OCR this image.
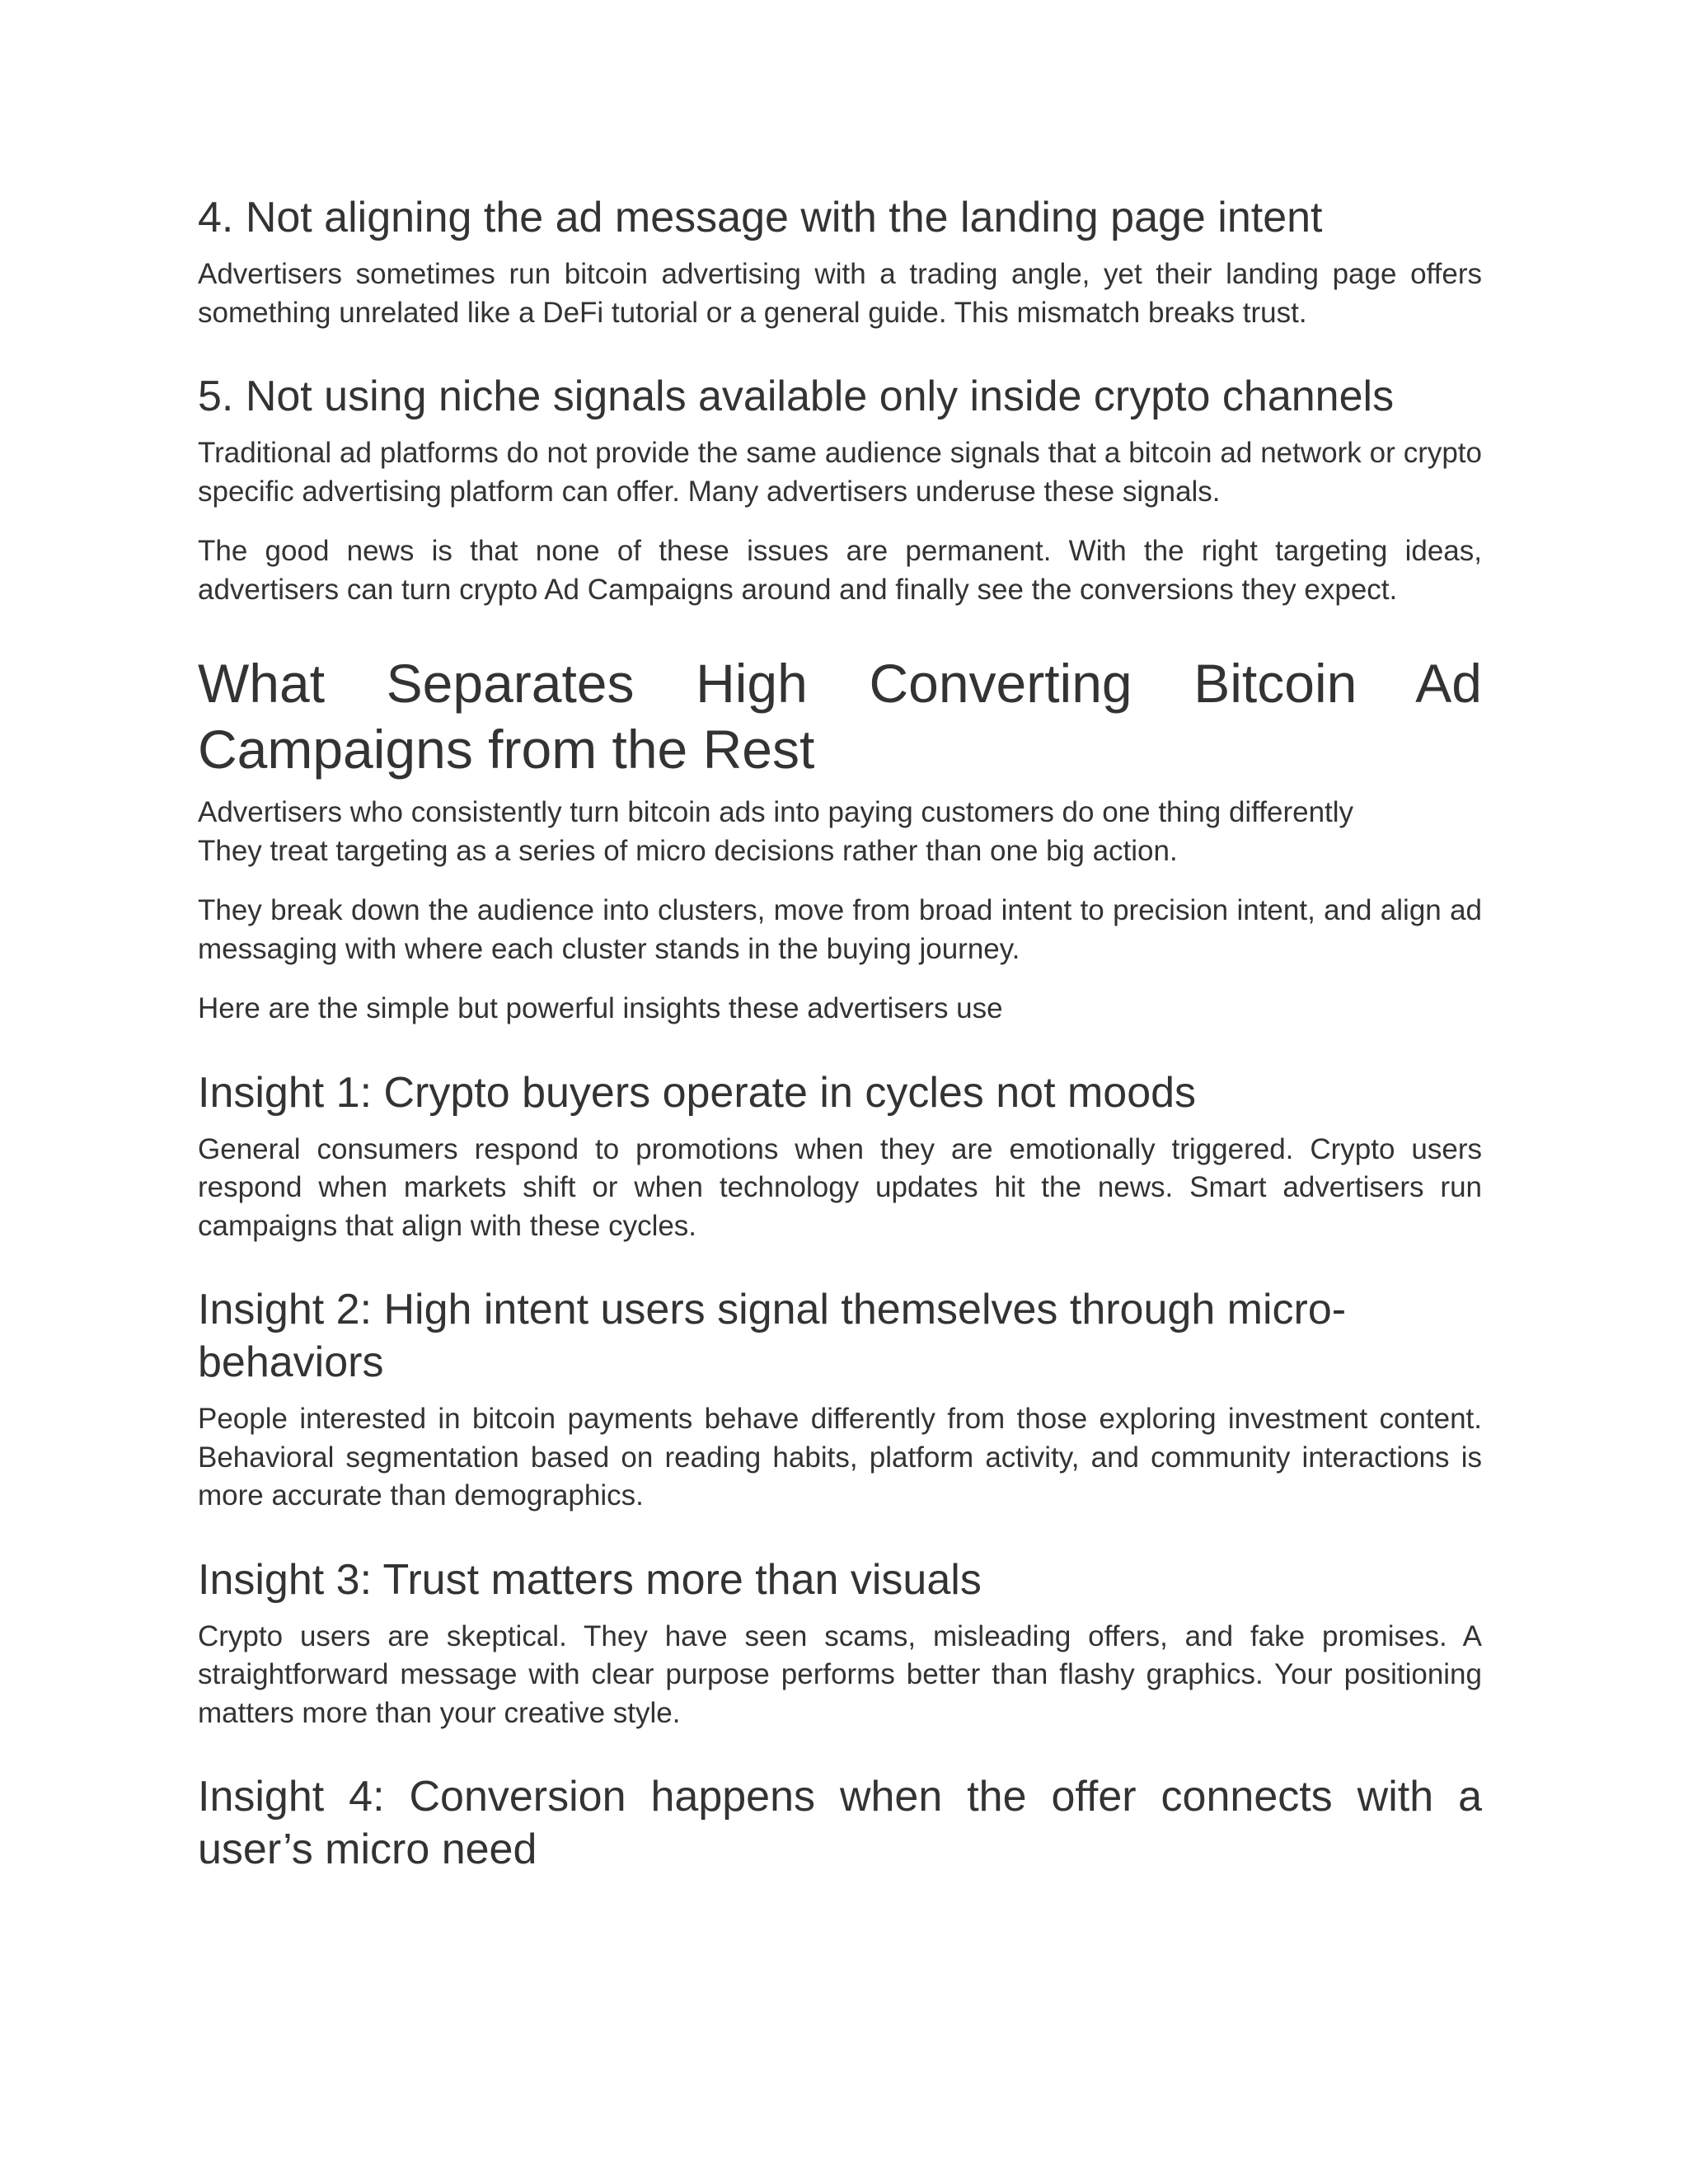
4. Not aligning the ad message with the landing page intent

Advertisers sometimes run bitcoin advertising with a trading angle, yet their landing page offers something unrelated like a DeFi tutorial or a general guide. This mismatch breaks trust.

5. Not using niche signals available only inside crypto channels

Traditional ad platforms do not provide the same audience signals that a bitcoin ad network or crypto specific advertising platform can offer. Many advertisers underuse these signals.

The good news is that none of these issues are permanent. With the right targeting ideas, advertisers can turn crypto Ad Campaigns around and finally see the conversions they expect.

What Separates High Converting Bitcoin Ad
Campaigns from the Rest

Advertisers who consistently turn bitcoin ads into paying customers do one thing differently
They treat targeting as a series of micro decisions rather than one big action.

They break down the audience into clusters, move from broad intent to precision intent, and align ad messaging with where each cluster stands in the buying journey.

Here are the simple but powerful insights these advertisers use

Insight 1: Crypto buyers operate in cycles not moods

General consumers respond to promotions when they are emotionally triggered. Crypto users respond when markets shift or when technology updates hit the news. Smart advertisers run campaigns that align with these cycles.

Insight 2: High intent users signal themselves through micro-behaviors

People interested in bitcoin payments behave differently from those exploring investment content. Behavioral segmentation based on reading habits, platform activity, and community interactions is more accurate than demographics.

Insight 3: Trust matters more than visuals

Crypto users are skeptical. They have seen scams, misleading offers, and fake promises. A straightforward message with clear purpose performs better than flashy graphics. Your positioning matters more than your creative style.

Insight 4: Conversion happens when the offer connects with a user’s micro need
